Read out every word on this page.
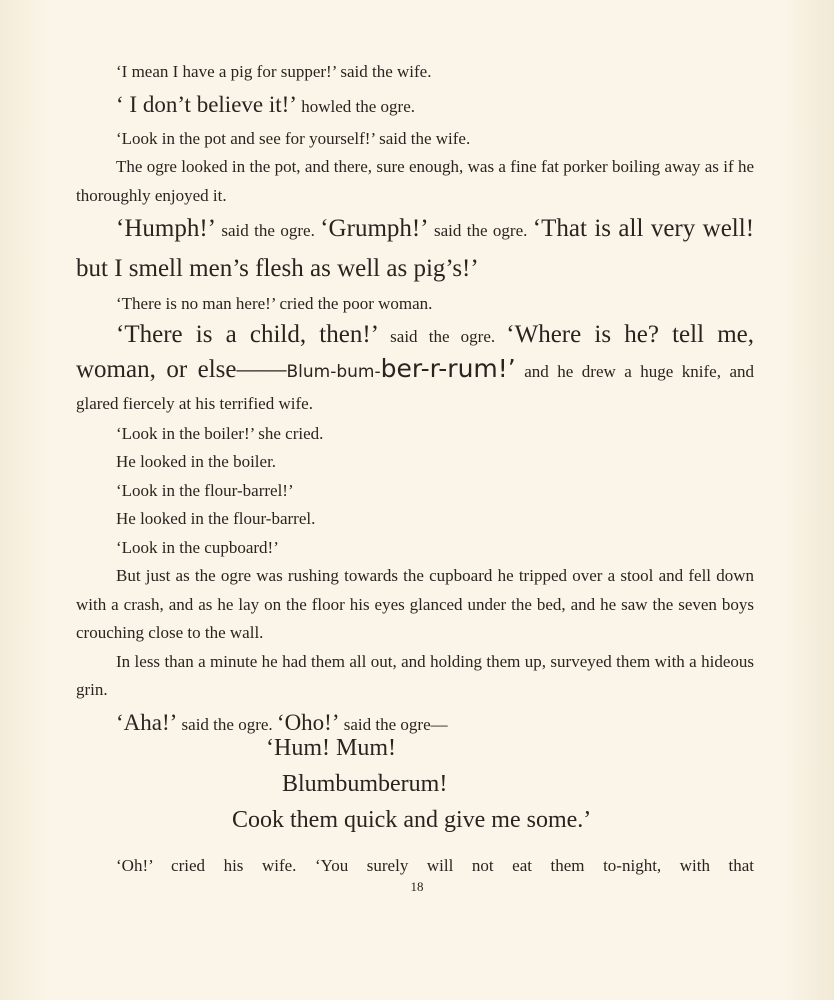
‘I mean I have a pig for supper!’ said the wife.

‘ I don’t believe it!’ howled the ogre.

‘Look in the pot and see for yourself!’ said the wife.

The ogre looked in the pot, and there, sure enough, was a fine fat porker boiling away as if he thoroughly enjoyed it.

‘Humph!’ said the ogre. ‘Grumph!’ said the ogre. ‘That is all very well! but I smell men’s flesh as well as pig’s!’

‘There is no man here!’ cried the poor woman.

‘There is a child, then!’ said the ogre. ‘Where is he? tell me, woman, or else——Blum-bum-ber-r-rum!’ and he drew a huge knife, and glared fiercely at his terrified wife.

‘Look in the boiler!’ she cried.

He looked in the boiler.

‘Look in the flour-barrel!’

He looked in the flour-barrel.

‘Look in the cupboard!’

But just as the ogre was rushing towards the cupboard he tripped over a stool and fell down with a crash, and as he lay on the floor his eyes glanced under the bed, and he saw the seven boys crouching close to the wall.

In less than a minute he had them all out, and holding them up, surveyed them with a hideous grin.

‘Aha!’ said the ogre. ‘Oho!’ said the ogre—

‘Hum! Mum!
Blumbumberum!
Cook them quick and give me some.’

‘Oh!’ cried his wife. ‘You surely will not eat them to-night, with that

18
